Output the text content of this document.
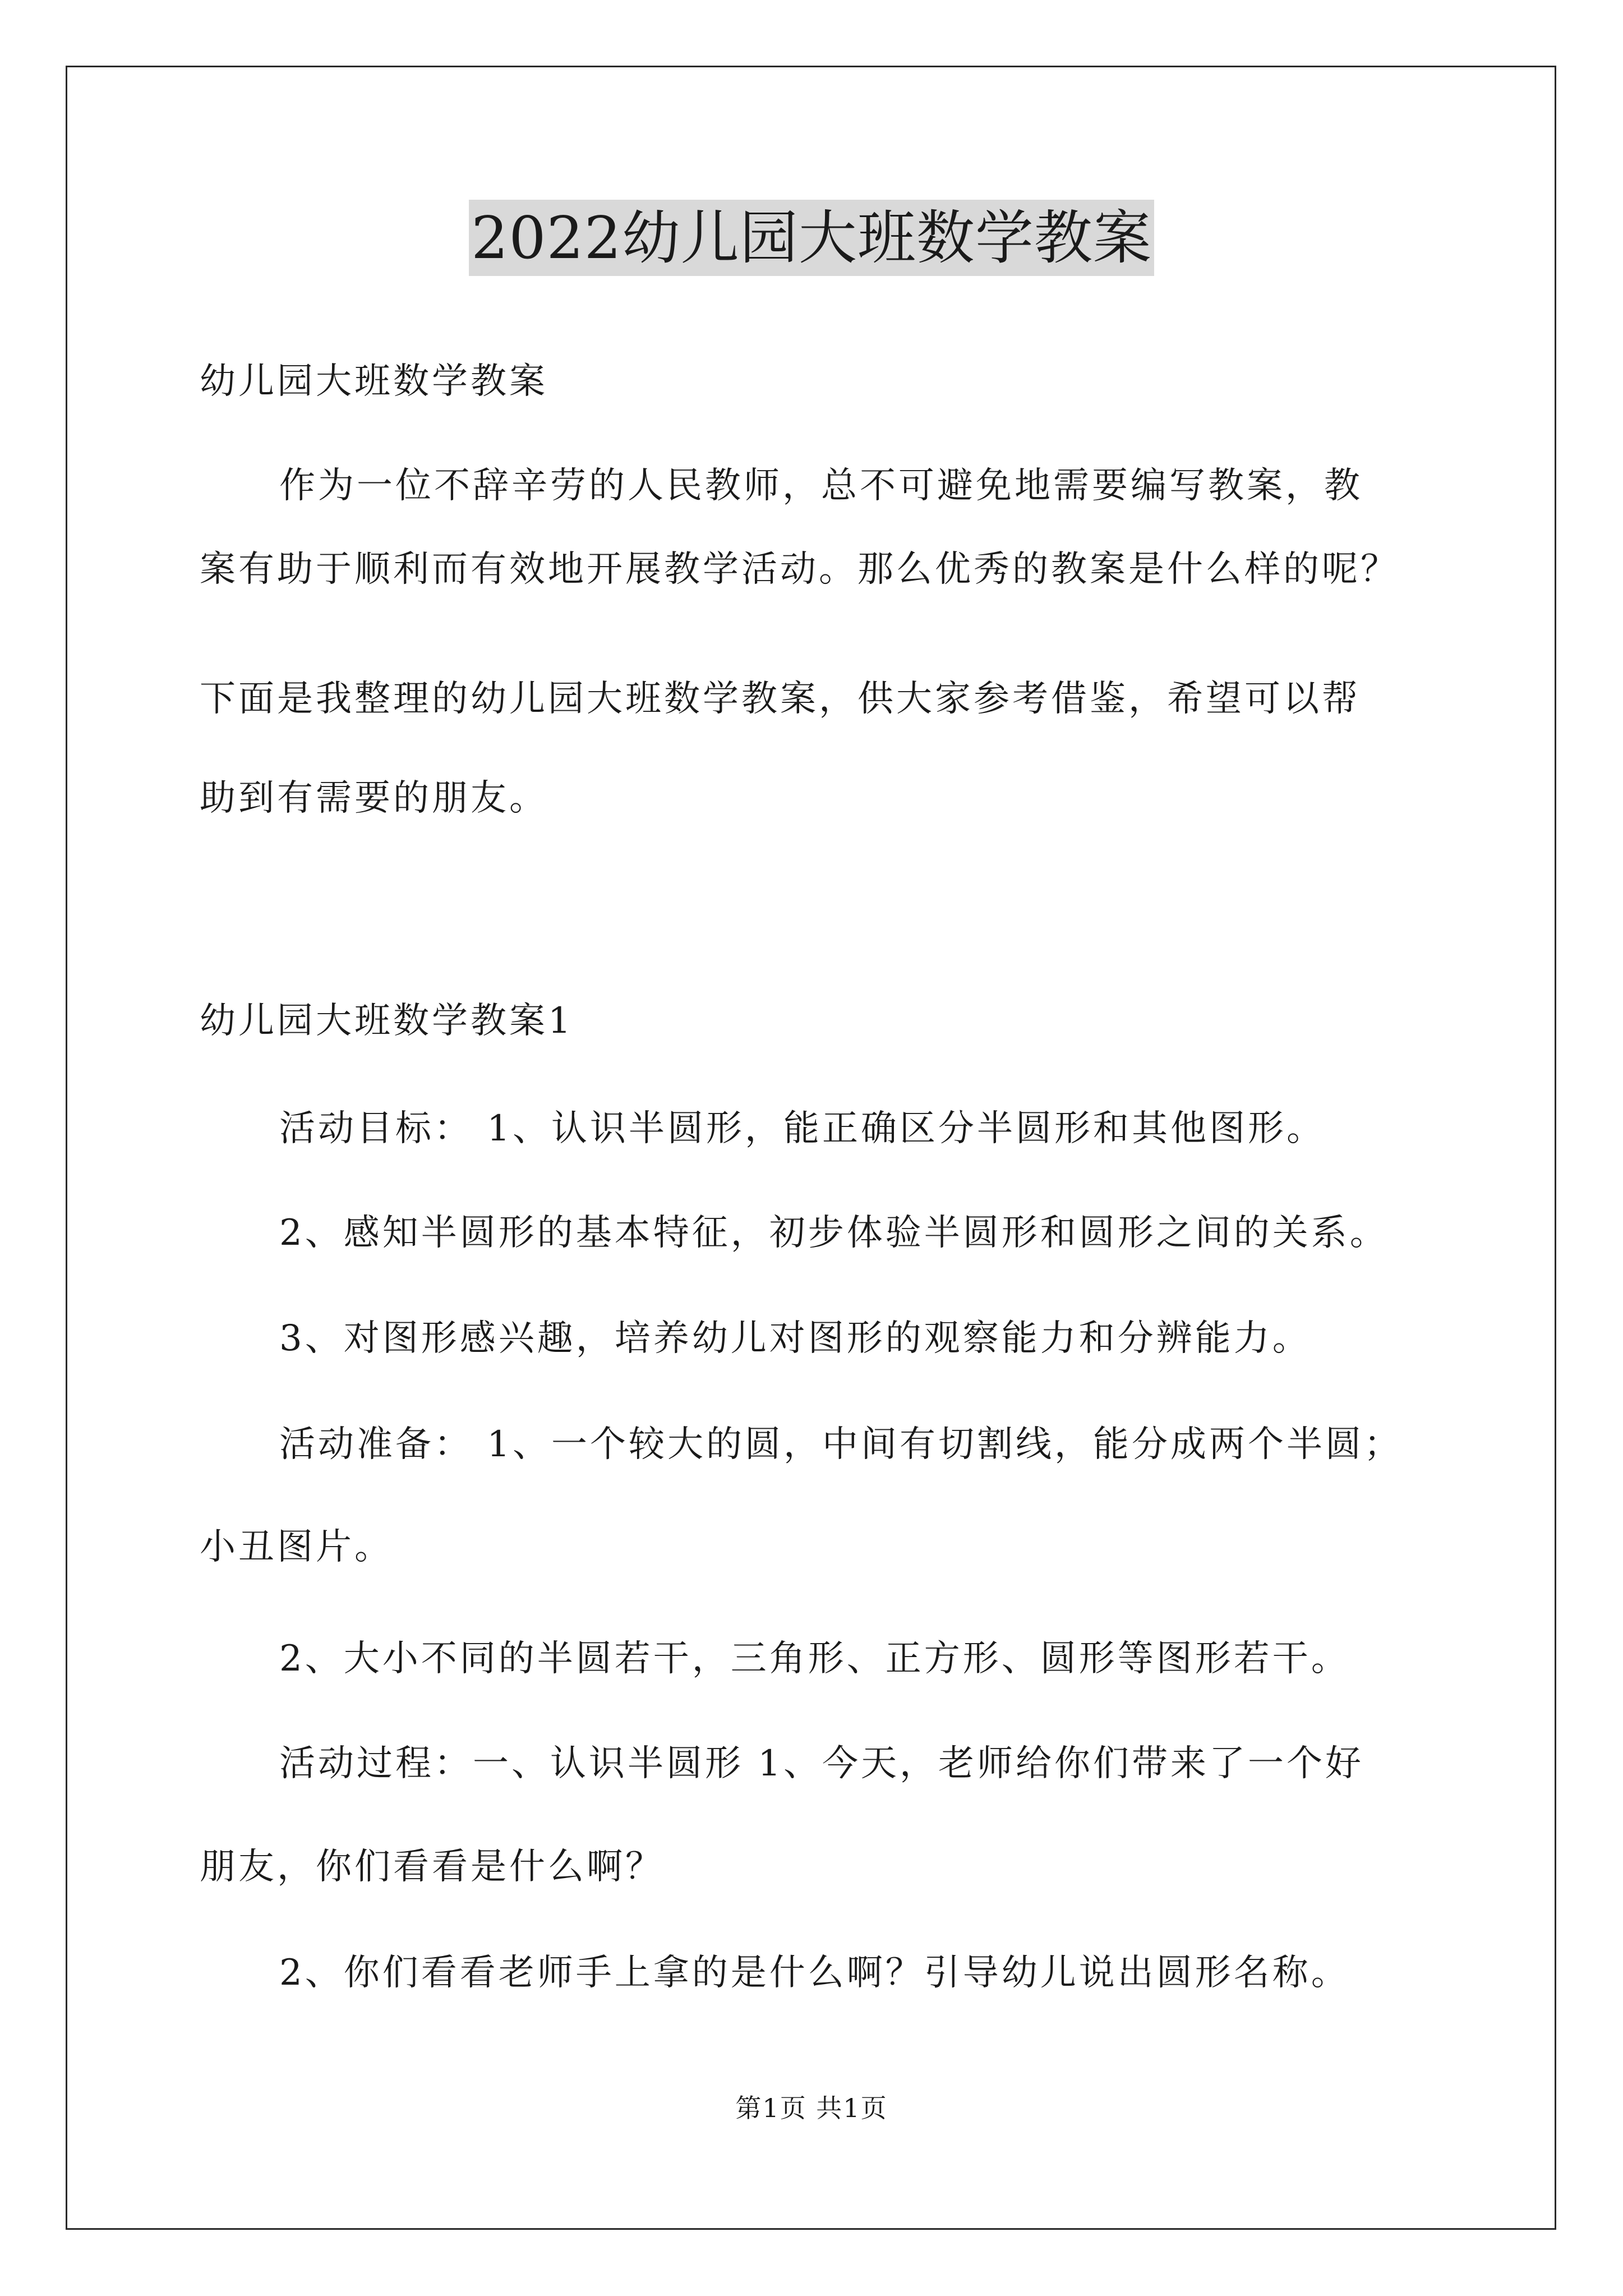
2022幼儿园大班数学教案
幼儿园大班数学教案
作为一位不辞辛劳的人民教师，总不可避免地需要编写教案，教
案有助于顺利而有效地开展教学活动。那么优秀的教案是什么样的呢？
下面是我整理的幼儿园大班数学教案，供大家参考借鉴，希望可以帮
助到有需要的朋友。
幼儿园大班数学教案1
活动目标： 1、认识半圆形，能正确区分半圆形和其他图形。
2、感知半圆形的基本特征，初步体验半圆形和圆形之间的关系。
3、对图形感兴趣，培养幼儿对图形的观察能力和分辨能力。
活动准备： 1、一个较大的圆，中间有切割线，能分成两个半圆；
小丑图片。
2、大小不同的半圆若干，三角形、正方形、圆形等图形若干。
活动过程：一、认识半圆形 1、今天，老师给你们带来了一个好
朋友，你们看看是什么啊？
2、你们看看老师手上拿的是什么啊？引导幼儿说出圆形名称。
第1页 共1页
